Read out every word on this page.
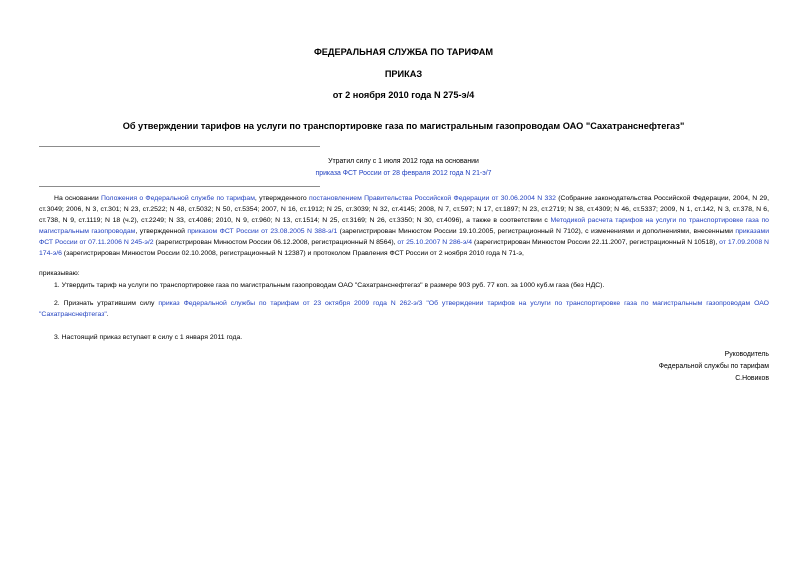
ФЕДЕРАЛЬНАЯ СЛУЖБА ПО ТАРИФАМ
ПРИКАЗ
от 2 ноября 2010 года N 275-э/4
Об утверждении тарифов на услуги по транспортировке газа по магистральным газопроводам ОАО "Сахатранснефтегаз"
Утратил силу с 1 июля 2012 года на основании
приказа ФСТ России от 28 февраля 2012 года N 21-э/7
На основании Положения о Федеральной службе по тарифам, утвержденного постановлением Правительства Российской Федерации от 30.06.2004 N 332 (Собрание законодательства Российской Федерации, 2004, N 29, ст.3049; 2006, N 3, ст.301; N 23, ст.2522; N 48, ст.5032; N 50, ст.5354; 2007, N 16, ст.1912; N 25, ст.3039; N 32, ст.4145; 2008, N 7, ст.597; N 17, ст.1897; N 23, ст.2719; N 38, ст.4309; N 46, ст.5337; 2009, N 1, ст.142, N 3, ст.378, N 6, ст.738, N 9, ст.1119; N 18 (ч.2), ст.2249; N 33, ст.4086; 2010, N 9, ст.960; N 13, ст.1514; N 25, ст.3169; N 26, ст.3350; N 30, ст.4096), а также в соответствии с Методикой расчета тарифов на услуги по транспортировке газа по магистральным газопроводам, утвержденной приказом ФСТ России от 23.08.2005 N 388-э/1 (зарегистрирован Минюстом России 19.10.2005, регистрационный N 7102), с изменениями и дополнениями, внесенными приказами ФСТ России от 07.11.2006 N 245-э/2 (зарегистрирован Минюстом России 06.12.2008, регистрационный N 8564), от 25.10.2007 N 286-э/4 (зарегистрирован Минюстом России 22.11.2007, регистрационный N 10518), от 17.09.2008 N 174-э/6 (зарегистрирован Минюстом России 02.10.2008, регистрационный N 12387) и протоколом Правления ФСТ России от 2 ноября 2010 года N 71-э,
приказываю:
1. Утвердить тариф на услуги по транспортировке газа по магистральным газопроводам ОАО "Сахатранснефтегаз" в размере 903 руб. 77 коп. за 1000 куб.м газа (без НДС).
2. Признать утратившим силу приказ Федеральной службы по тарифам от 23 октября 2009 года N 262-э/3 "Об утверждении тарифов на услуги по транспортировке газа по магистральным газопроводам ОАО "Сахатранснефтегаз".
3. Настоящий приказ вступает в силу с 1 января 2011 года.
Руководитель
Федеральной службы по тарифам
С.Новиков
